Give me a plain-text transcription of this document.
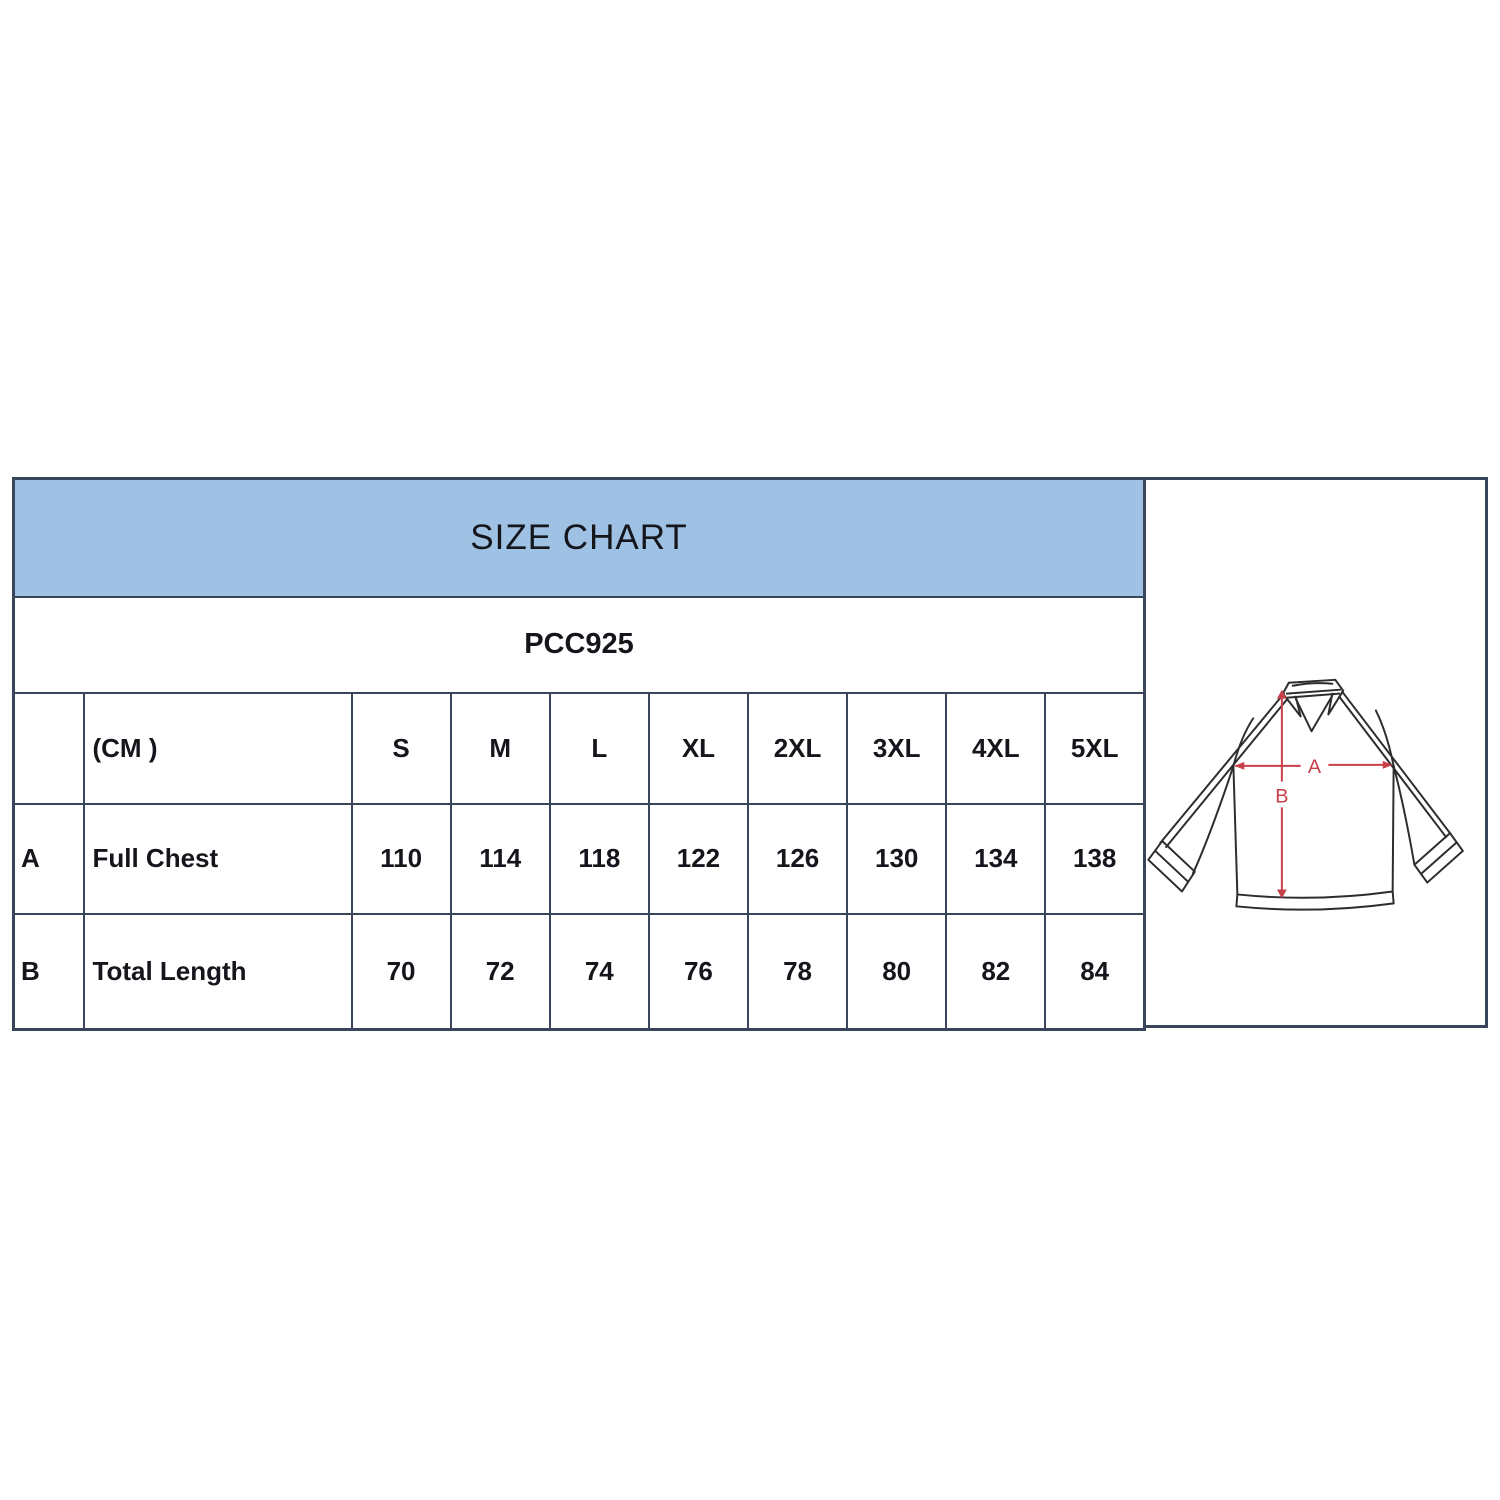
SIZE CHART									
PCC925									
	(CM )	S	M	L	XL	2XL	3XL	4XL	5XL
A	Full Chest	110	114	118	122	126	130	134	138
B	Total Length	70	72	74	76	78	80	82	84
A
B
